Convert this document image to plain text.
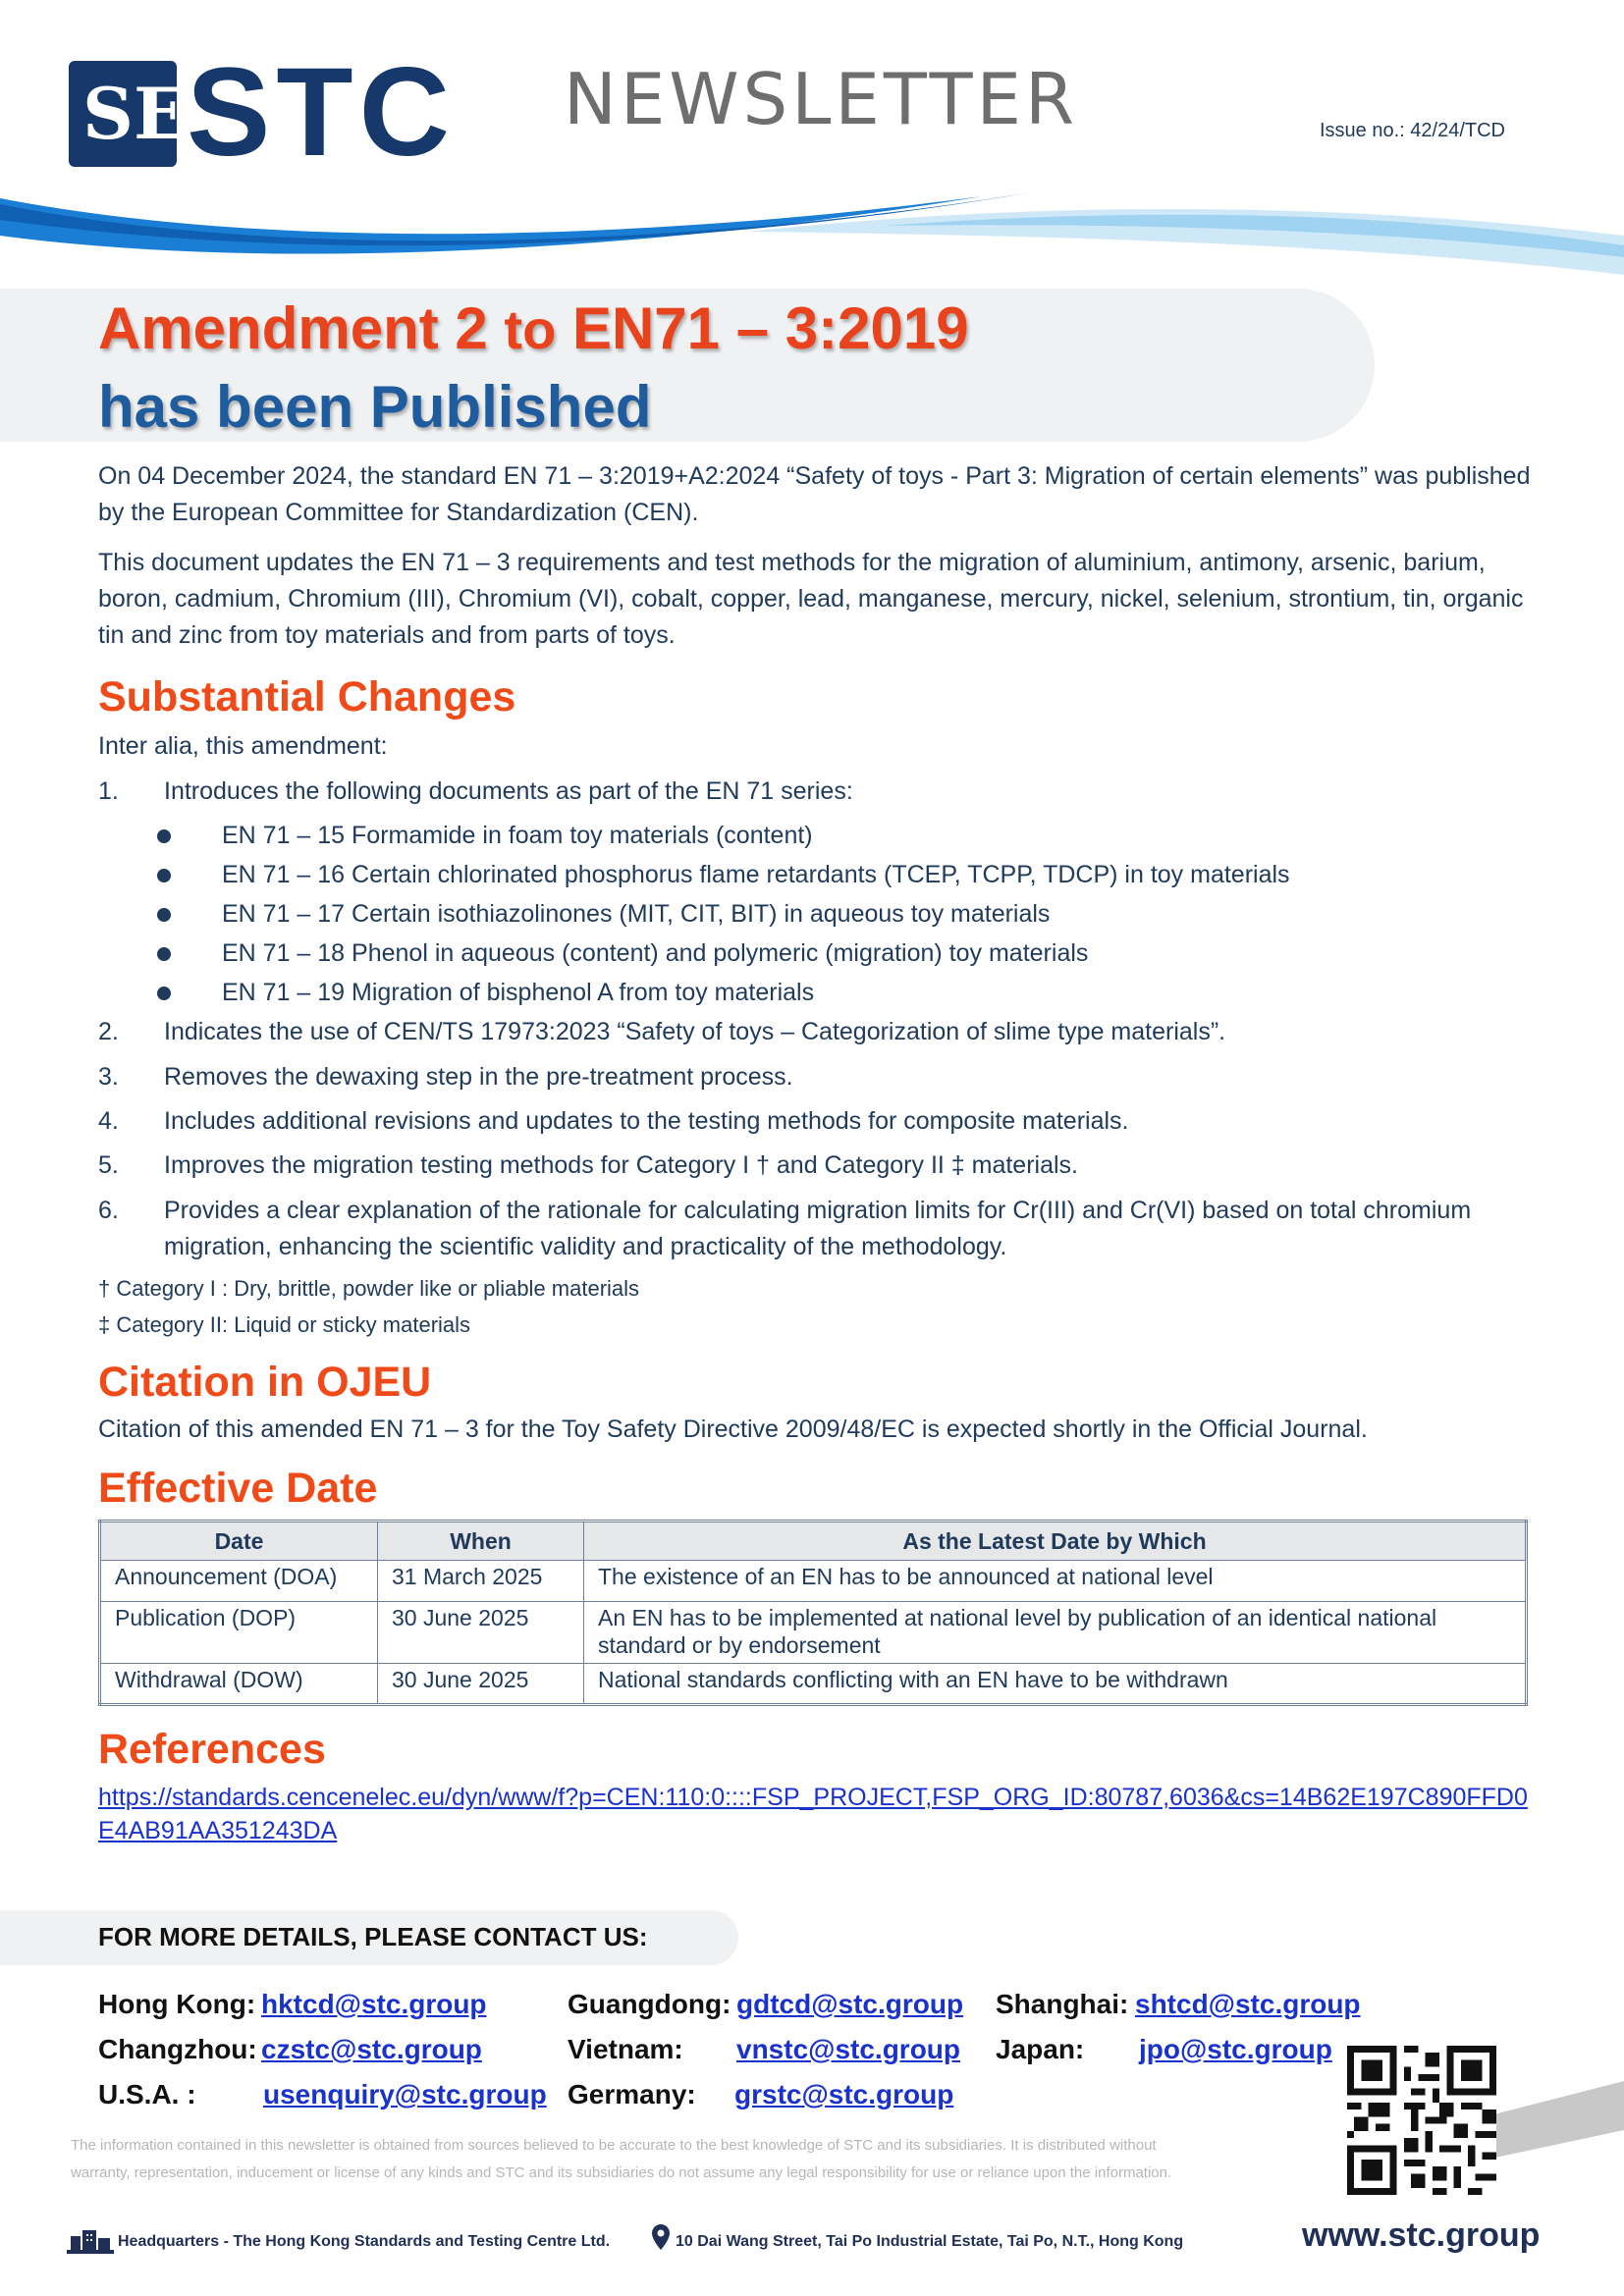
SE STC NEWSLETTER	Issue no.: 42/24/TCD
Amendment 2 to EN71 – 3:2019
has been Published
On 04 December 2024, the standard EN 71 – 3:2019+A2:2024 “Safety of toys - Part 3: Migration of certain elements” was published by the European Committee for Standardization (CEN).
This document updates the EN 71 – 3 requirements and test methods for the migration of aluminium, antimony, arsenic, barium, boron, cadmium, Chromium (III), Chromium (VI), cobalt, copper, lead, manganese, mercury, nickel, selenium, strontium, tin, organic tin and zinc from toy materials and from parts of toys.
Substantial Changes
Inter alia, this amendment:
1. Introduces the following documents as part of the EN 71 series:
EN 71 – 15 Formamide in foam toy materials (content)
EN 71 – 16 Certain chlorinated phosphorus flame retardants (TCEP, TCPP, TDCP) in toy materials
EN 71 – 17 Certain isothiazolinones (MIT, CIT, BIT) in aqueous toy materials
EN 71 – 18 Phenol in aqueous (content) and polymeric (migration) toy materials
EN 71 – 19 Migration of bisphenol A from toy materials
2. Indicates the use of CEN/TS 17973:2023 “Safety of toys – Categorization of slime type materials”.
3. Removes the dewaxing step in the pre-treatment process.
4. Includes additional revisions and updates to the testing methods for composite materials.
5. Improves the migration testing methods for Category I † and Category II ‡ materials.
6. Provides a clear explanation of the rationale for calculating migration limits for Cr(III) and Cr(VI) based on total chromium migration, enhancing the scientific validity and practicality of the methodology.
† Category I : Dry, brittle, powder like or pliable materials
‡ Category II: Liquid or sticky materials
Citation in OJEU
Citation of this amended EN 71 – 3 for the Toy Safety Directive 2009/48/EC is expected shortly in the Official Journal.
Effective Date
Date	When	As the Latest Date by Which
Announcement (DOA)	31 March 2025	The existence of an EN has to be announced at national level
Publication (DOP)	30 June 2025	An EN has to be implemented at national level by publication of an identical national standard or by endorsement
Withdrawal (DOW)	30 June 2025	National standards conflicting with an EN have to be withdrawn
References
https://standards.cencenelec.eu/dyn/www/f?p=CEN:110:0::::FSP_PROJECT,FSP_ORG_ID:80787,6036&cs=14B62E197C890FFD0E4AB91AA351243DA
FOR MORE DETAILS, PLEASE CONTACT US:
Hong Kong: hktcd@stc.group	Guangdong: gdtcd@stc.group Shanghai: shtcd@stc.group
Changzhou: czstc@stc.group	Vietnam: vnstc@stc.group Japan: jpo@stc.group
U.S.A. : usenquiry@stc.group Germany: grstc@stc.group
The information contained in this newsletter is obtained from sources believed to be accurate to the best knowledge of STC and its subsidiaries. It is distributed without
warranty, representation, inducement or license of any kinds and STC and its subsidiaries do not assume any legal responsibility for use or reliance upon the information.
Headquarters - The Hong Kong Standards and Testing Centre Ltd.	10 Dai Wang Street, Tai Po Industrial Estate, Tai Po, N.T., Hong Kong	www.stc.group
